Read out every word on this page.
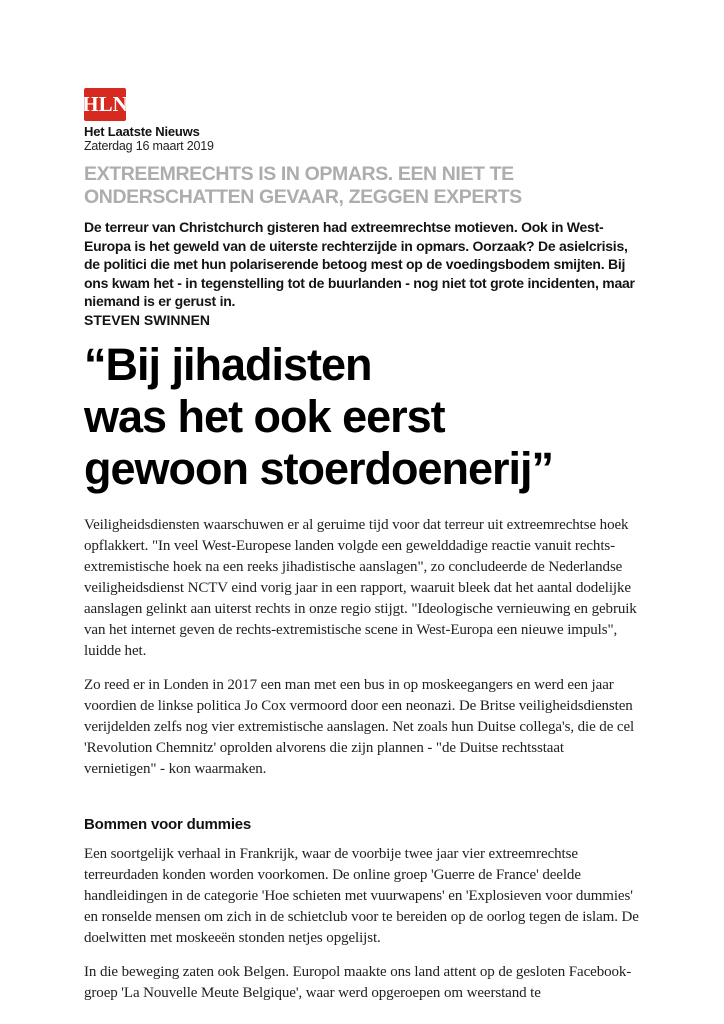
HLN
Het Laatste Nieuws
Zaterdag 16 maart 2019
EXTREEMRECHTS IS IN OPMARS. EEN NIET TE ONDERSCHATTEN GEVAAR, ZEGGEN EXPERTS

De terreur van Christchurch gisteren had extreemrechtse motieven. Ook in West-Europa is het geweld van de uiterste rechterzijde in opmars. Oorzaak? De asielcrisis, de politici die met hun polariserende betoog mest op de voedingsbodem smijten. Bij ons kwam het - in tegenstelling tot de buurlanden - nog niet tot grote incidenten, maar niemand is er gerust in.

STEVEN SWINNEN

“Bij jihadisten
was het ook eerst
gewoon stoerdoenerij”

Veiligheidsdiensten waarschuwen er al geruime tijd voor dat terreur uit extreemrechtse hoek opflakkert. "In veel West-Europese landen volgde een gewelddadige reactie vanuit rechts-extremistische hoek na een reeks jihadistische aanslagen", zo concludeerde de Nederlandse veiligheidsdienst NCTV eind vorig jaar in een rapport, waaruit bleek dat het aantal dodelijke aanslagen gelinkt aan uiterst rechts in onze regio stijgt. "Ideologische vernieuwing en gebruik van het internet geven de rechts-extremistische scene in West-Europa een nieuwe impuls", luidde het.

Zo reed er in Londen in 2017 een man met een bus in op moskeegangers en werd een jaar voordien de linkse politica Jo Cox vermoord door een neonazi. De Britse veiligheidsdiensten verijdelden zelfs nog vier extremistische aanslagen. Net zoals hun Duitse collega's, die de cel 'Revolution Chemnitz' oprolden alvorens die zijn plannen - "de Duitse rechtsstaat vernietigen" - kon waarmaken.

Bommen voor dummies

Een soortgelijk verhaal in Frankrijk, waar de voorbije twee jaar vier extreemrechtse terreurdaden konden worden voorkomen. De online groep 'Guerre de France' deelde handleidingen in de categorie 'Hoe schieten met vuurwapens' en 'Explosieven voor dummies' en ronselde mensen om zich in de schietclub voor te bereiden op de oorlog tegen de islam. De doelwitten met moskeeën stonden netjes opgelijst.

In die beweging zaten ook Belgen. Europol maakte ons land attent op de gesloten Facebook-groep 'La Nouvelle Meute Belgique', waar werd opgeroepen om weerstand te
